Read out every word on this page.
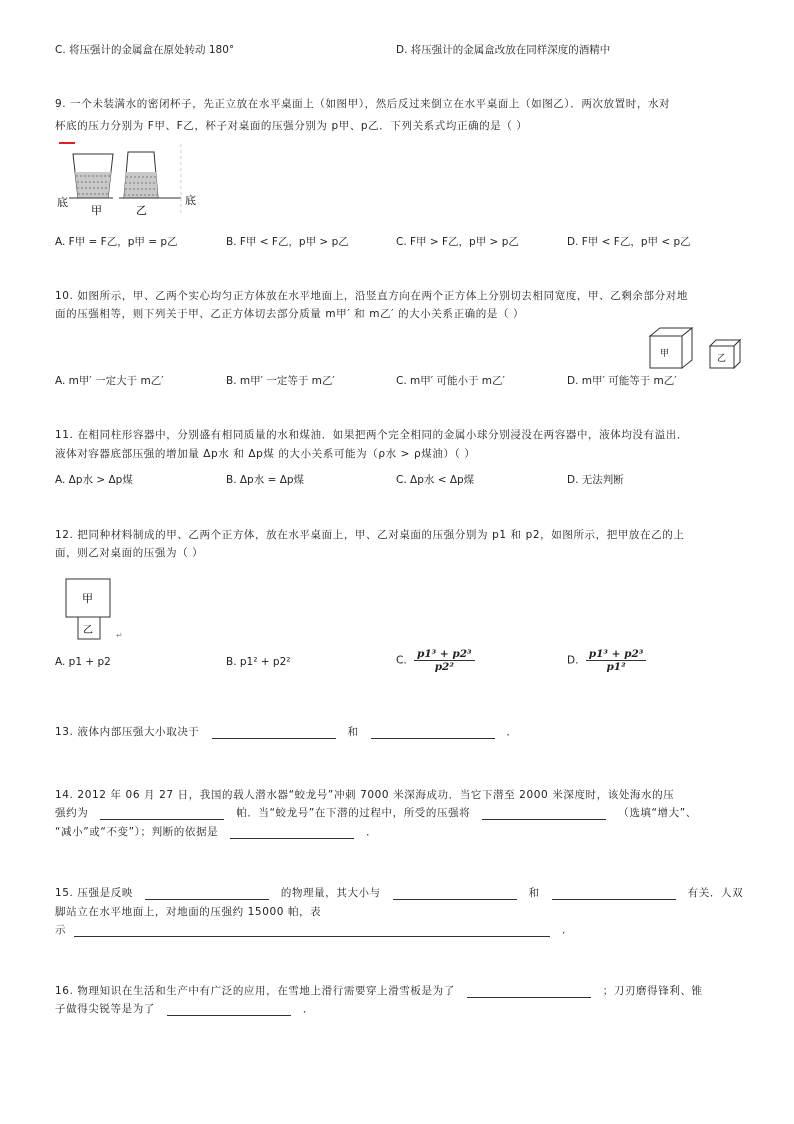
C. 将压强计的金属盒在原处转动 180°	D. 将压强计的金属盒改放在同样深度的酒精中
9. 一个未装满水的密闭杯子，先正立放在水平桌面上（如图甲），然后反过来倒立在水平桌面上（如图乙）．两次放置时，水对
杯底的压力分别为 F甲、F乙，杯子对桌面的压强分别为 p甲、p乙．下列关系式均正确的是（ ）
底
甲	乙
底
A. F甲 = F乙，p甲 = p乙	B. F甲 < F乙，p甲 > p乙	C. F甲 > F乙，p甲 > p乙	D. F甲 < F乙，p甲 < p乙
10. 如图所示，甲、乙两个实心均匀正方体放在水平地面上，沿竖直方向在两个正方体上分别切去相同宽度，甲、乙剩余部分对地
面的压强相等，则下列关于甲、乙正方体切去部分质量 m甲′ 和 m乙′ 的大小关系正确的是（ ）
甲	乙
A. m甲′ 一定大于 m乙′	B. m甲′ 一定等于 m乙′	C. m甲′ 可能小于 m乙′	D. m甲′ 可能等于 m乙′
11. 在相同柱形容器中，分别盛有相同质量的水和煤油．如果把两个完全相同的金属小球分别浸没在两容器中，液体均没有溢出．
液体对容器底部压强的增加量 Δp水 和 Δp煤 的大小关系可能为（ρ水 > ρ煤油）（ ）
A. Δp水 > Δp煤	B. Δp水 = Δp煤	C. Δp水 < Δp煤	D. 无法判断
12. 把同种材料制成的甲、乙两个正方体，放在水平桌面上，甲、乙对桌面的压强分别为 p1 和 p2，如图所示，把甲放在乙的上
面，则乙对桌面的压强为（ ）
甲
乙	↵
A. p1 + p2	B. p1² + p2²	C. $\frac{\text{p1³ + p2³}}{\text{p2²}}$	D. $\frac{\text{p1³ + p2³}}{\text{p1²}}$
13. 液体内部压强大小取决于	和	．
14. 2012 年 06 月 27 日，我国的载人潜水器“蛟龙号”冲刺 7000 米深海成功．当它下潜至 2000 米深度时，该处海水的压
强约为	帕．当“蛟龙号”在下潜的过程中，所受的压强将	（选填“增大”、
“减小”或“不变”）；判断的依据是	．
15. 压强是反映	的物理量，其大小与	和	有关．人双
脚站立在水平地面上，对地面的压强约 15000 帕，表
示	．
16. 物理知识在生活和生产中有广泛的应用，在雪地上滑行需要穿上滑雪板是为了	；刀刃磨得锋利、锥
子做得尖锐等是为了	．
